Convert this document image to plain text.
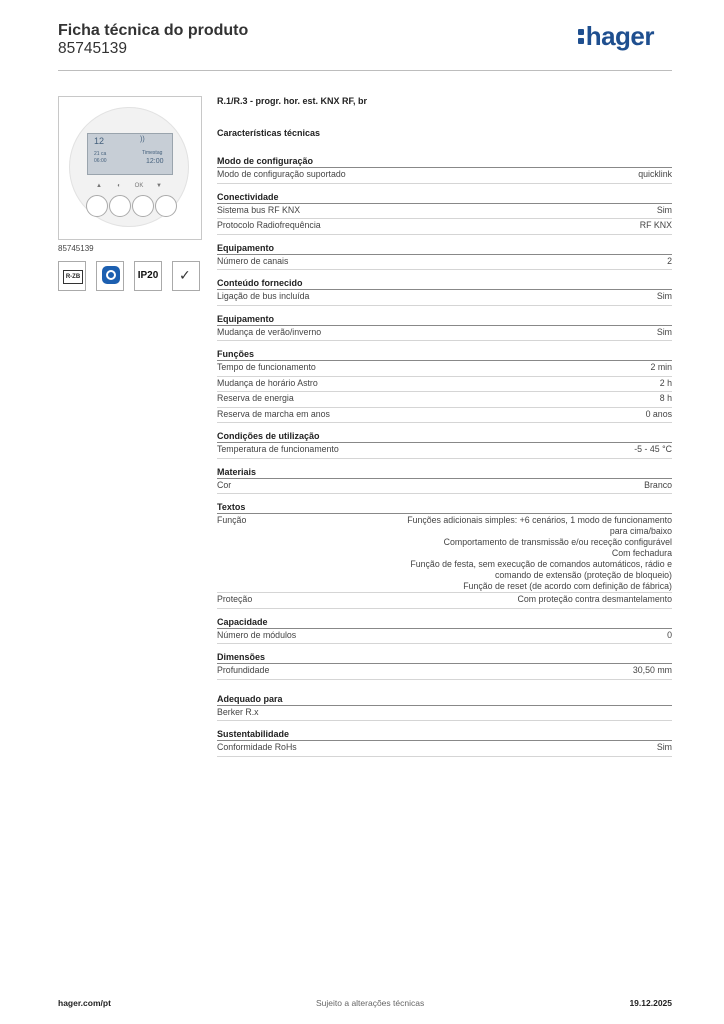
Ficha técnica do produto
85745139	hager
12	))
21 ca
06:00
Timestag
12:00
▲	◐ OK ▼
85745139
R-ZB	IP20 ✓
R.1/R.3 - progr. hor. est. KNX RF, br
Características técnicas
Modo de configuração
Modo de configuração suportado	quicklink
Conectividade
Sistema bus RF KNX	Sim
Protocolo Radiofrequência	RF KNX
Equipamento
Número de canais	2
Conteúdo fornecido
Ligação de bus incluída	Sim
Equipamento
Mudança de verão/inverno	Sim
Funções
Tempo de funcionamento	2 min
Mudança de horário Astro	2 h
Reserva de energia	8 h
Reserva de marcha em anos	0 anos
Condições de utilização
Temperatura de funcionamento	-5 - 45 °C
Materiais
Cor	Branco
Textos
Função	Funções adicionais simples: +6 cenários, 1 modo de funcionamento
para cima/baixo
Comportamento de transmissão e/ou receção configurável
Com fechadura
Função de festa, sem execução de comandos automáticos, rádio e
comando de extensão (proteção de bloqueio)
Função de reset (de acordo com definição de fábrica)
Proteção	Com proteção contra desmantelamento
Capacidade
Número de módulos	0
Dimensões
Profundidade	30,50 mm
Adequado para
Berker R.x
Sustentabilidade
Conformidade RoHs	Sim
hager.com/pt	Sujeito a alterações técnicas	19.12.2025
